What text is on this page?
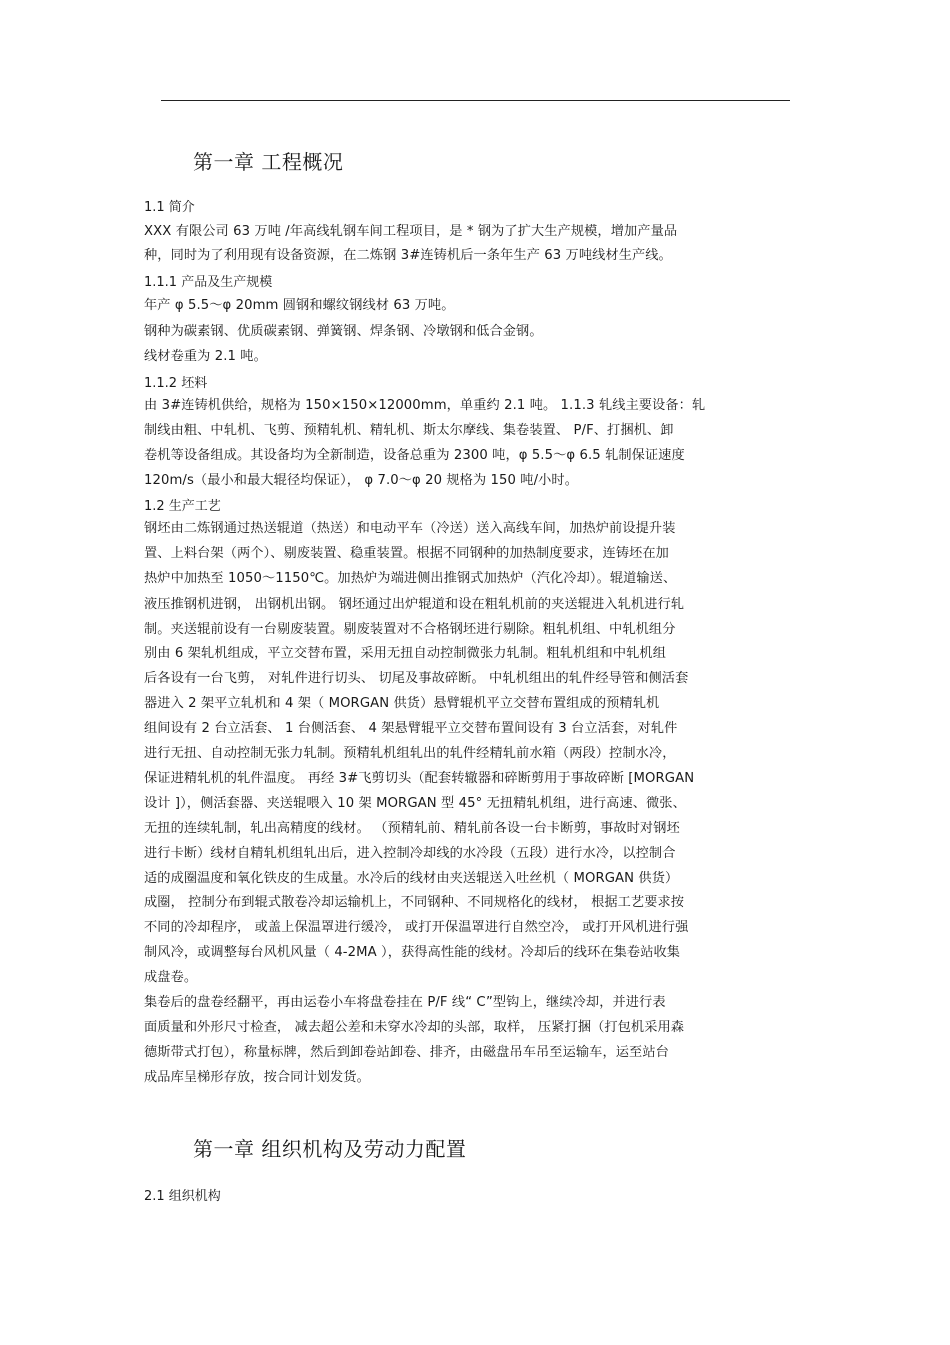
第一章 工程概况
1.1 简介
XXX 有限公司 63 万吨 /年高线轧钢车间工程项目，是 * 钢为了扩大生产规模，增加产量品
种，同时为了利用现有设备资源，在二炼钢 3#连铸机后一条年生产 63 万吨线材生产线。
1.1.1 产品及生产规模
年产 φ 5.5～φ 20mm 圆钢和螺纹钢线材 63 万吨。
钢种为碳素钢、优质碳素钢、弹簧钢、焊条钢、冷墩钢和低合金钢。
线材卷重为 2.1 吨。
1.1.2 坯料
由 3#连铸机供给，规格为 150×150×12000mm，单重约 2.1 吨。 1.1.3 轧线主要设备：轧
制线由粗、中轧机、飞剪、预精轧机、精轧机、斯太尔摩线、集卷装置、 P/F、打捆机、卸
卷机等设备组成。其设备均为全新制造，设备总重为 2300 吨，φ 5.5～φ 6.5 轧制保证速度
120m/s（最小和最大辊径均保证）， φ 7.0～φ 20 规格为 150 吨/小时。
1.2 生产工艺
钢坯由二炼钢通过热送辊道（热送）和电动平车（冷送）送入高线车间，加热炉前设提升装
置、上料台架（两个）、剔废装置、稳重装置。根据不同钢种的加热制度要求，连铸坯在加
热炉中加热至 1050～1150℃。加热炉为端进侧出推钢式加热炉（汽化冷却）。辊道输送、
液压推钢机进钢， 出钢机出钢。 钢坯通过出炉辊道和设在粗轧机前的夹送辊进入轧机进行轧
制。夹送辊前设有一台剔废装置。剔废装置对不合格钢坯进行剔除。粗轧机组、中轧机组分
别由 6 架轧机组成，平立交替布置，采用无扭自动控制微张力轧制。粗轧机组和中轧机组
后各设有一台飞剪， 对轧件进行切头、 切尾及事故碎断。 中轧机组出的轧件经导管和侧活套
器进入 2 架平立轧机和 4 架（ MORGAN 供货）悬臂辊机平立交替布置组成的预精轧机
组间设有 2 台立活套、 1 台侧活套、 4 架悬臂辊平立交替布置间设有 3 台立活套，对轧件
进行无扭、自动控制无张力轧制。预精轧机组轧出的轧件经精轧前水箱（两段）控制水冷，
保证进精轧机的轧件温度。 再经 3#飞剪切头（配套转辙器和碎断剪用于事故碎断 [MORGAN
设计 ]），侧活套器、夹送辊喂入 10 架 MORGAN 型 45° 无扭精轧机组，进行高速、微张、
无扭的连续轧制，轧出高精度的线材。 （预精轧前、精轧前各设一台卡断剪，事故时对钢坯
进行卡断）线材自精轧机组轧出后，进入控制冷却线的水冷段（五段）进行水冷，以控制合
适的成圈温度和氧化铁皮的生成量。水冷后的线材由夹送辊送入吐丝机（ MORGAN 供货）
成圈， 控制分布到辊式散卷冷却运输机上，不同钢种、不同规格化的线材， 根据工艺要求按
不同的冷却程序， 或盖上保温罩进行缓冷， 或打开保温罩进行自然空冷， 或打开风机进行强
制风冷，或调整每台风机风量（ 4-2MA ），获得高性能的线材。冷却后的线环在集卷站收集
成盘卷。
集卷后的盘卷经翻平，再由运卷小车将盘卷挂在 P/F 线“ C”型钩上，继续冷却，并进行表
面质量和外形尺寸检查， 减去超公差和未穿水冷却的头部，取样， 压紧打捆（打包机采用森
德斯带式打包），称量标牌，然后到卸卷站卸卷、排齐，由磁盘吊车吊至运输车，运至站台
成品库呈梯形存放，按合同计划发货。
第一章 组织机构及劳动力配置
2.1 组织机构
